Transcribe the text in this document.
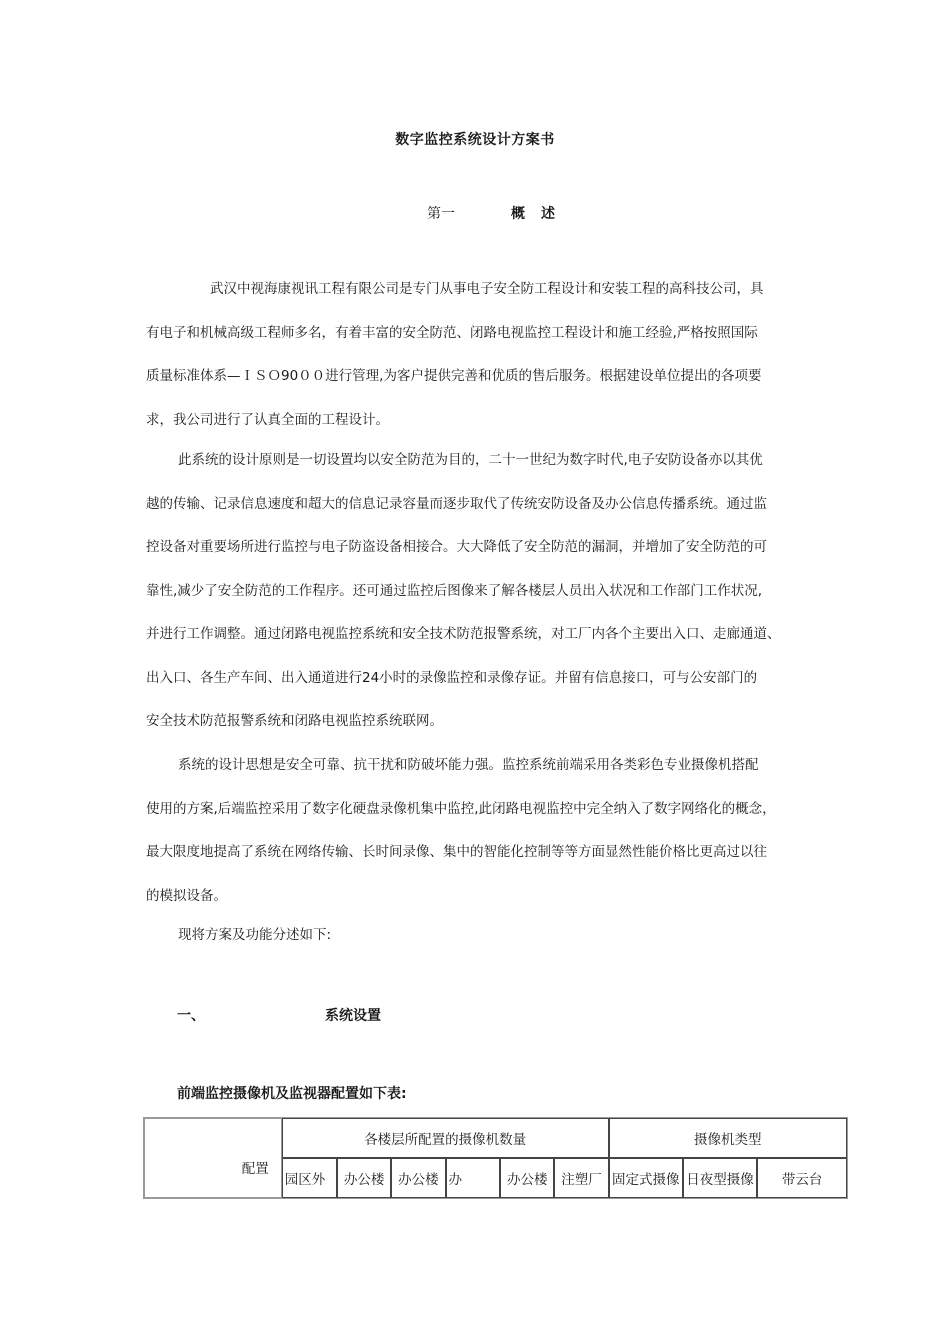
数字监控系统设计方案书
第一	概述
武汉中视海康视讯工程有限公司是专门从事电子安全防工程设计和安装工程的高科技公司，具
有电子和机械高级工程师多名，有着丰富的安全防范、闭路电视监控工程设计和施工经验,严格按照国际
质量标准体系—ＩＳＯ90００进行管理,为客户提供完善和优质的售后服务。根据建设单位提出的各项要
求，我公司进行了认真全面的工程设计。
此系统的设计原则是一切设置均以安全防范为目的，二十一世纪为数字时代,电子安防设备亦以其优
越的传输、记录信息速度和超大的信息记录容量而逐步取代了传统安防设备及办公信息传播系统。通过监
控设备对重要场所进行监控与电子防盗设备相接合。大大降低了安全防范的漏洞，并增加了安全防范的可
靠性,减少了安全防范的工作程序。还可通过监控后图像来了解各楼层人员出入状况和工作部门工作状况,
并进行工作调整。通过闭路电视监控系统和安全技术防范报警系统，对工厂内各个主要出入口、走廊通道、
出入口、各生产车间、出入通道进行24小时的录像监控和录像存证。并留有信息接口，可与公安部门的
安全技术防范报警系统和闭路电视监控系统联网。
系统的设计思想是安全可靠、抗干扰和防破坏能力强。监控系统前端采用各类彩色专业摄像机搭配
使用的方案,后端监控采用了数字化硬盘录像机集中监控,此闭路电视监控中完全纳入了数字网络化的概念，
最大限度地提高了系统在网络传输、长时间录像、集中的智能化控制等等方面显然性能价格比更高过以往
的模拟设备。
现将方案及功能分述如下:
一、	系统设置
前端监控摄像机及监视器配置如下表:
配置	各楼层所配置的摄像机数量						摄像机类型		
	园区外	办公楼	办公楼	办	办公楼	注塑厂	固定式摄像	日夜型摄像	带云台
